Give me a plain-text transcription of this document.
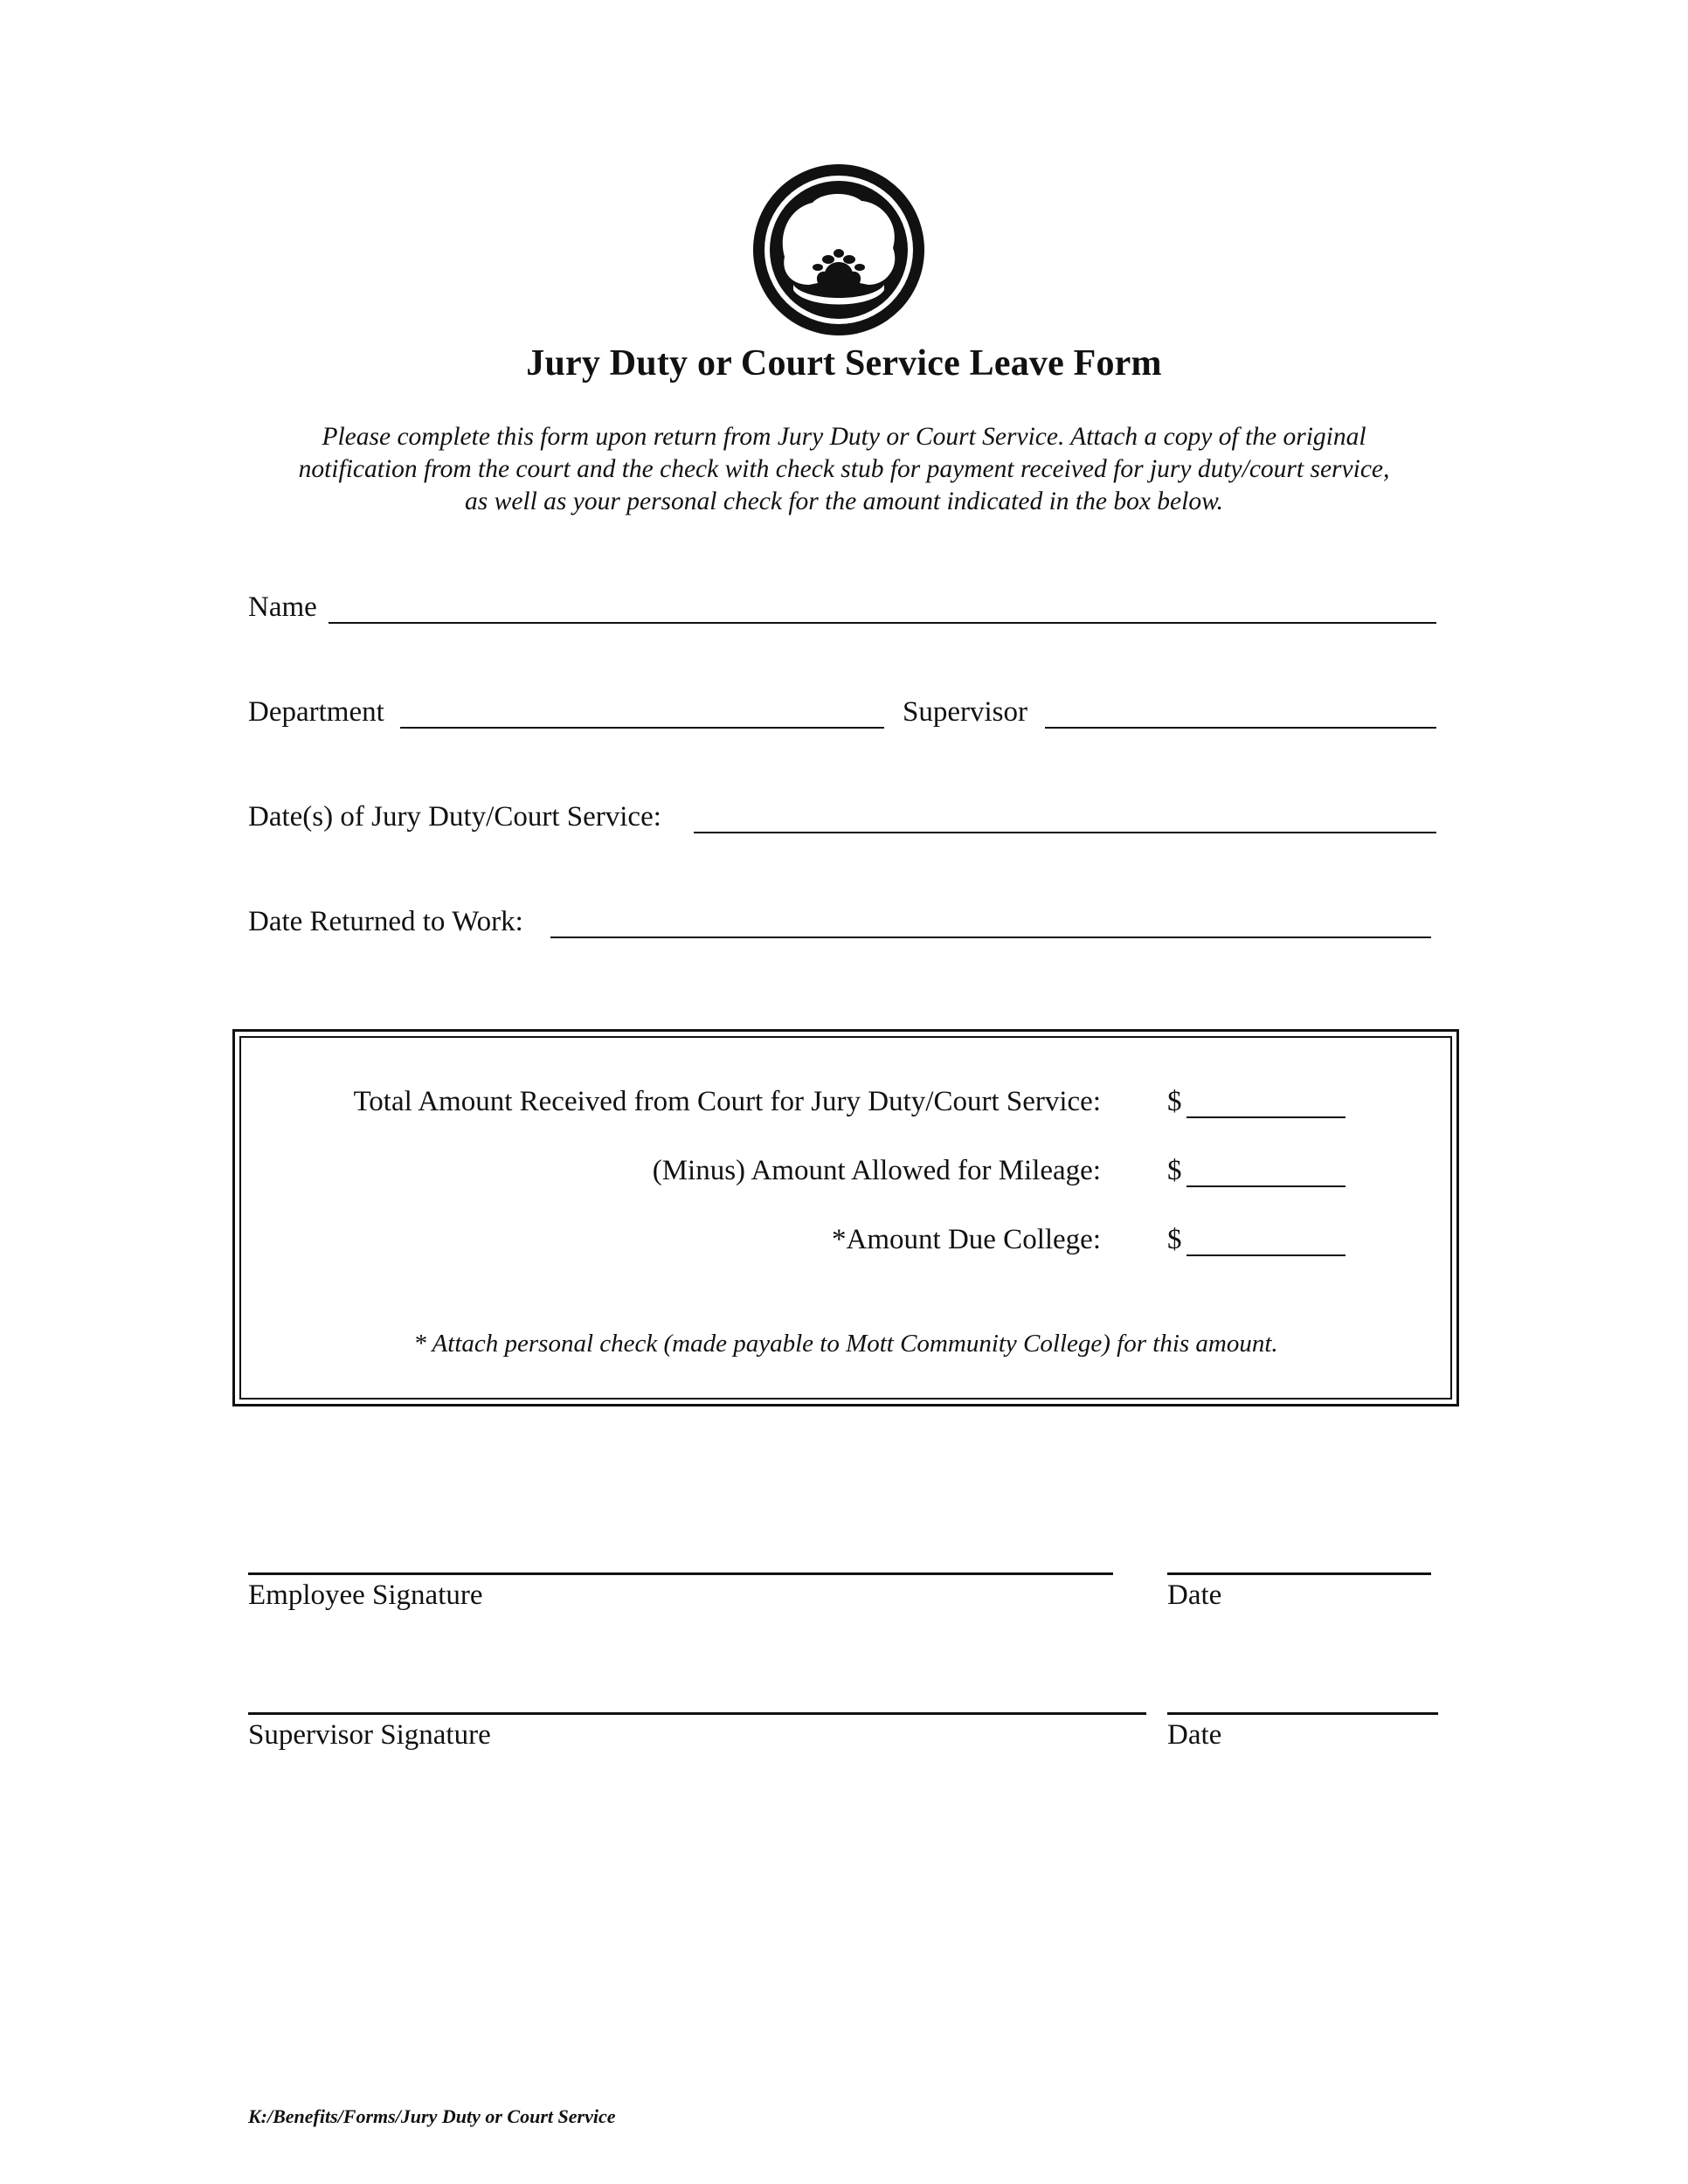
Jury Duty or Court Service Leave Form
Please complete this form upon return from Jury Duty or Court Service. Attach a copy of the original
notification from the court and the check with check stub for payment received for jury duty/court service,
as well as your personal check for the amount indicated in the box below.
Name
Department	Supervisor
Date(s) of Jury Duty/Court Service:
Date Returned to Work:
Total Amount Received from Court for Jury Duty/Court Service: $
(Minus) Amount Allowed for Mileage: $
*Amount Due College: $
* Attach personal check (made payable to Mott Community College) for this amount.
Employee Signature	Date
Supervisor Signature	Date
K:/Benefits/Forms/Jury Duty or Court Service
